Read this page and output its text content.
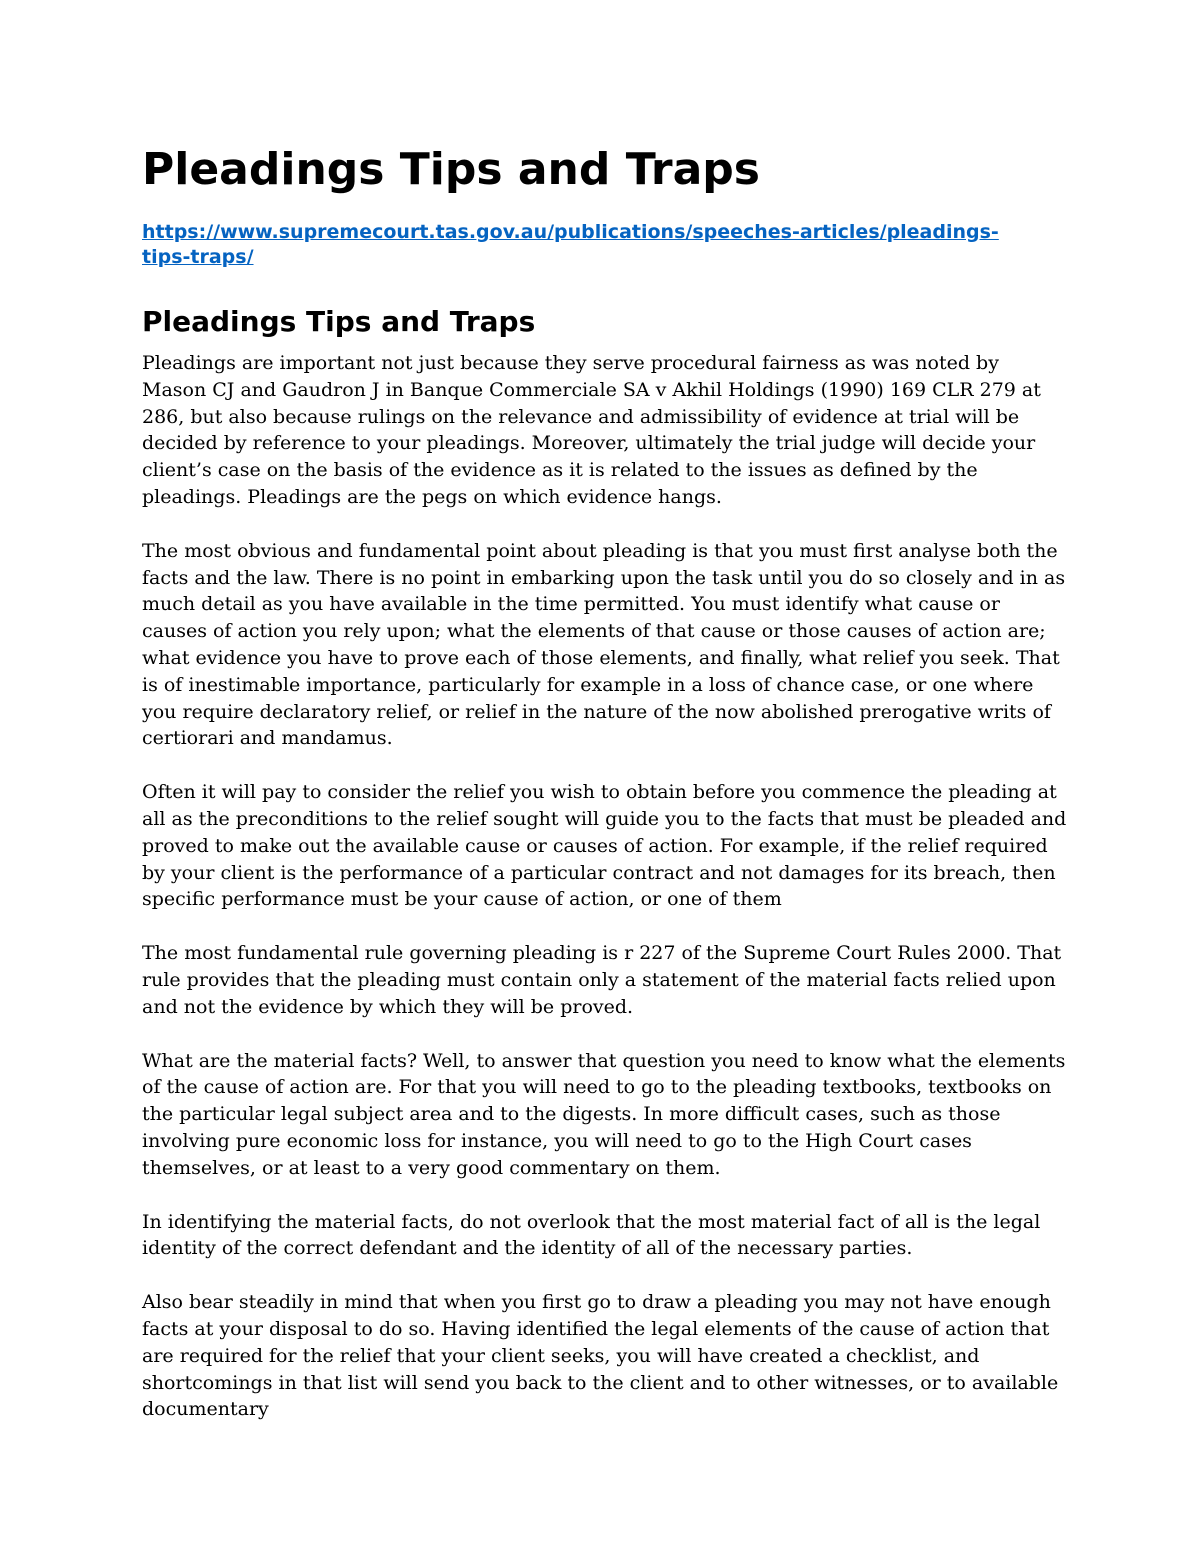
Pleadings Tips and Traps
https://www.supremecourt.tas.gov.au/publications/speeches-articles/pleadings-
tips-traps/
Pleadings Tips and Traps

Pleadings are important not just because they serve procedural fairness as was noted by Mason CJ and Gaudron J in Banque Commerciale SA v Akhil Holdings (1990) 169 CLR 279 at 286, but also because rulings on the relevance and admissibility of evidence at trial will be decided by reference to your pleadings. Moreover, ultimately the trial judge will decide your client’s case on the basis of the evidence as it is related to the issues as defined by the pleadings. Pleadings are the pegs on which evidence hangs.

The most obvious and fundamental point about pleading is that you must first analyse both the facts and the law. There is no point in embarking upon the task until you do so closely and in as much detail as you have available in the time permitted. You must identify what cause or causes of action you rely upon; what the elements of that cause or those causes of action are; what evidence you have to prove each of those elements, and finally, what relief you seek. That is of inestimable importance, particularly for example in a loss of chance case, or one where you require declaratory relief, or relief in the nature of the now abolished prerogative writs of certiorari and mandamus.

Often it will pay to consider the relief you wish to obtain before you commence the pleading at all as the preconditions to the relief sought will guide you to the facts that must be pleaded and proved to make out the available cause or causes of action. For example, if the relief required by your client is the performance of a particular contract and not damages for its breach, then specific performance must be your cause of action, or one of them

The most fundamental rule governing pleading is r 227 of the Supreme Court Rules 2000. That rule provides that the pleading must contain only a statement of the material facts relied upon and not the evidence by which they will be proved.

What are the material facts? Well, to answer that question you need to know what the elements of the cause of action are. For that you will need to go to the pleading textbooks, textbooks on the particular legal subject area and to the digests. In more difficult cases, such as those involving pure economic loss for instance, you will need to go to the High Court cases themselves, or at least to a very good commentary on them.

In identifying the material facts, do not overlook that the most material fact of all is the legal identity of the correct defendant and the identity of all of the necessary parties.

Also bear steadily in mind that when you first go to draw a pleading you may not have enough facts at your disposal to do so. Having identified the legal elements of the cause of action that are required for the relief that your client seeks, you will have created a checklist, and shortcomings in that list will send you back to the client and to other witnesses, or to available documentary
